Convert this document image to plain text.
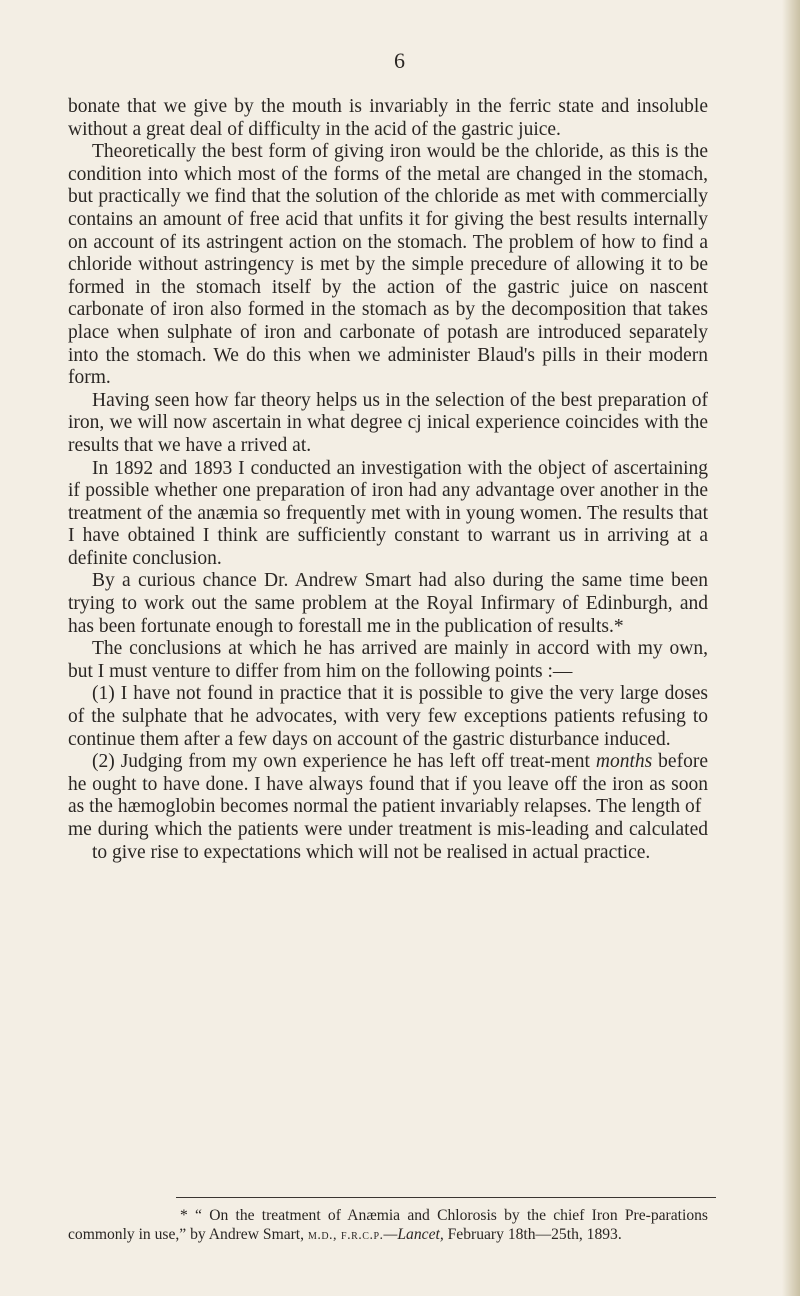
6

bonate that we give by the mouth is invariably in the ferric state and insoluble without a great deal of difficulty in the acid of the gastric juice.

Theoretically the best form of giving iron would be the chloride, as this is the condition into which most of the forms of the metal are changed in the stomach, but practically we find that the solution of the chloride as met with commercially contains an amount of free acid that unfits it for giving the best results internally on account of its astringent action on the stomach. The problem of how to find a chloride without astringency is met by the simple precedure of allowing it to be formed in the stomach itself by the action of the gastric juice on nascent carbonate of iron also formed in the stomach as by the decomposition that takes place when sulphate of iron and carbonate of potash are introduced separately into the stomach. We do this when we administer Blaud's pills in their modern form.

Having seen how far theory helps us in the selection of the best preparation of iron, we will now ascertain in what degree cj inical experience coincides with the results that we have a rrived at.

In 1892 and 1893 I conducted an investigation with the object of ascertaining if possible whether one preparation of iron had any advantage over another in the treatment of the anæmia so frequently met with in young women. The results that I have obtained I think are sufficiently constant to warrant us in arriving at a definite conclusion.

By a curious chance Dr. Andrew Smart had also during the same time been trying to work out the same problem at the Royal Infirmary of Edinburgh, and has been fortunate enough to forestall me in the publication of results.*

The conclusions at which he has arrived are mainly in accord with my own, but I must venture to differ from him on the following points :—

(1) I have not found in practice that it is possible to give the very large doses of the sulphate that he advocates, with very few exceptions patients refusing to continue them after a few days on account of the gastric disturbance induced.

(2) Judging from my own experience he has left off treat-ment months before he ought to have done. I have always found that if you leave off the iron as soon as the hæmoglobin becomes normal the patient invariably relapses. The length of

me during which the patients were under treatment is mis-leading and calculated to give rise to expectations which will not be realised in actual practice.

* “ On the treatment of Anæmia and Chlorosis by the chief Iron Pre-parations commonly in use,” by Andrew Smart, m.d., f.r.c.p.—Lancet, February 18th—25th, 1893.
